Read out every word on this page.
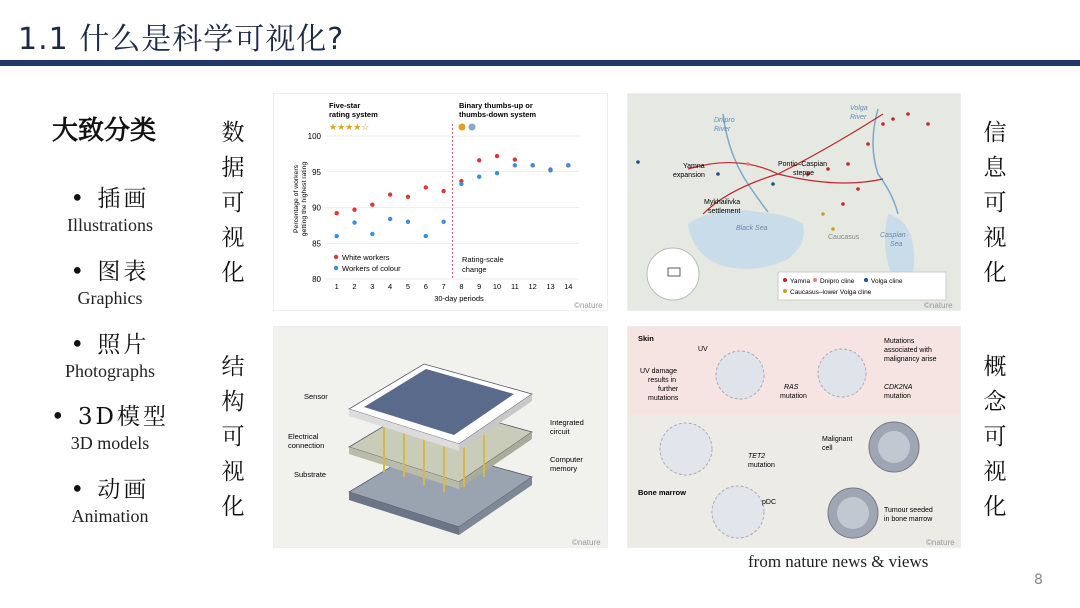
1.1 什么是科学可视化?
大致分类
• 插画
Illustrations
• 图表
Graphics
• 照片
Photographs
• 3D模型
3D models
• 动画
Animation
数
据
可
视
化
结
构
可
视
化
信
息
可
视
化
概
念
可
视
化
Five-star
rating system
★★★★☆
Binary thumbs-up or
thumbs-down system
Percentage of workers getting the highest rating
80
85
90
95
100
1 2 3 4 5 6 7 8 9 10 11 12 13 14
White workers
Workers of colour
Rating-scale
change
30-day periods
©nature
Dnipro
River
Volga
River
Yamna
expansion
Pontic–Caspian
steppe
Mykhailivka
settlement
Black Sea
Caucasus	Caspian
Sea
Yamna Dnipro cline	Volga cline
Caucasus–lower Volga cline
©nature
Sensor
Electrical
connection
Substrate
Integrated
circuit
Computer
memory
©nature
Skin
Bone marrow
UV
UV damage
results in
further
mutations
RAS
mutation
Mutations
associated with
malignancy arise
CDK2NA
mutation
Malignant
cell
TET2
mutation
pDC
Tumour seeded
in bone marrow
©nature
from nature news & views
8
